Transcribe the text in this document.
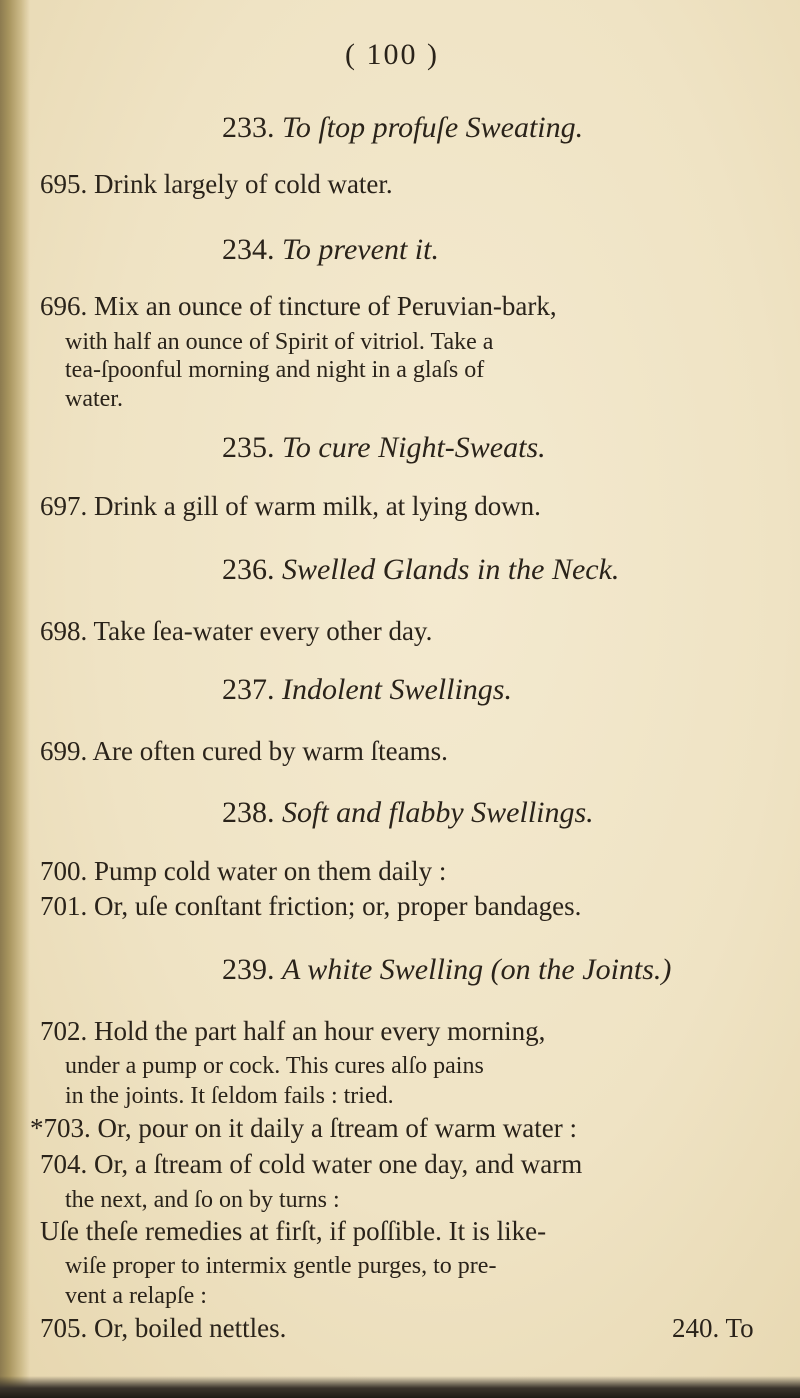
( 100 )
233. To ſtop profuſe Sweating.
695. Drink largely of cold water.
234. To prevent it.
696. Mix an ounce of tincture of Peruvian-bark,
with half an ounce of Spirit of vitriol. Take a
tea-ſpoonful morning and night in a glaſs of
water.
235. To cure Night-Sweats.
697. Drink a gill of warm milk, at lying down.
236. Swelled Glands in the Neck.
698. Take ſea-water every other day.
237. Indolent Swellings.
699. Are often cured by warm ſteams.
238. Soft and flabby Swellings.
700. Pump cold water on them daily :
701. Or, uſe conſtant friction; or, proper bandages.
239. A white Swelling (on the Joints.)
702. Hold the part half an hour every morning,
under a pump or cock. This cures alſo pains
in the joints. It ſeldom fails : tried.
*703. Or, pour on it daily a ſtream of warm water :
704. Or, a ſtream of cold water one day, and warm
the next, and ſo on by turns :
Uſe theſe remedies at firſt, if poſſible. It is like-
wiſe proper to intermix gentle purges, to pre-
vent a relapſe :
705. Or, boiled nettles.	240. To
